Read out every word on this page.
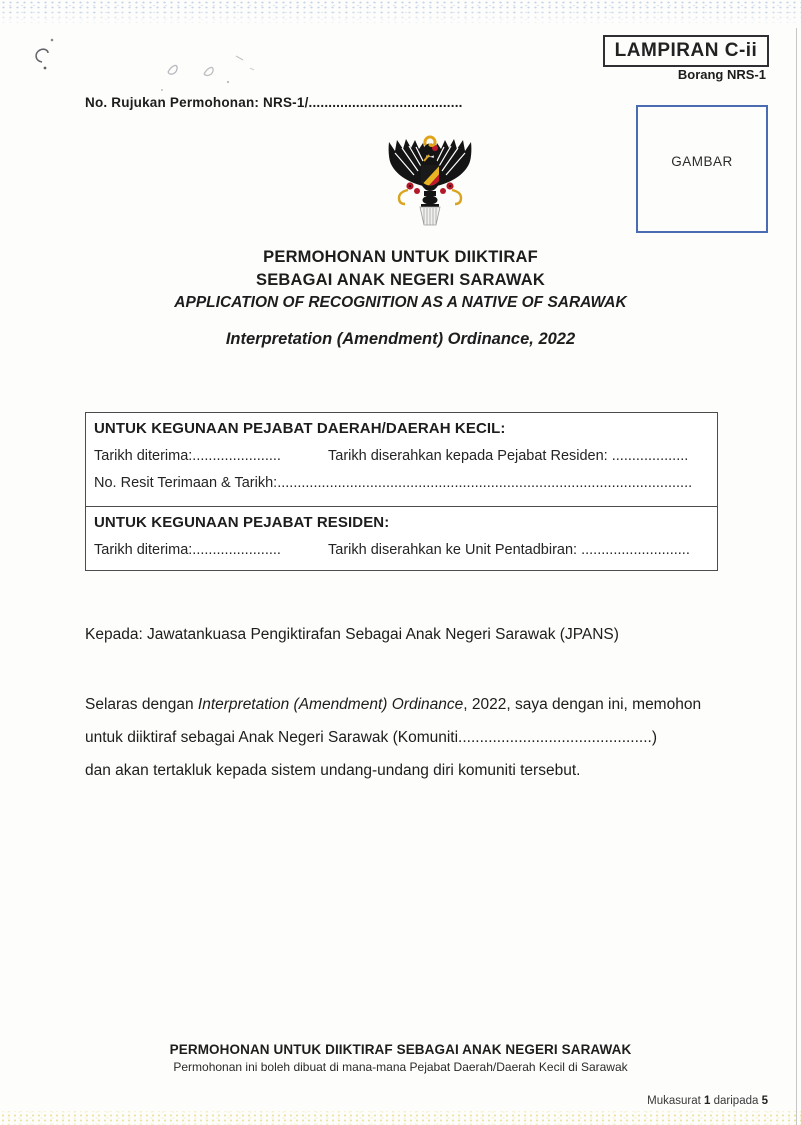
LAMPIRAN C-ii
Borang NRS-1
No. Rujukan Permohonan: NRS-1/.......................................
GAMBAR
PERMOHONAN UNTUK DIIKTIRAF
SEBAGAI ANAK NEGERI SARAWAK
APPLICATION OF RECOGNITION AS A NATIVE OF SARAWAK
Interpretation (Amendment) Ordinance, 2022
UNTUK KEGUNAAN PEJABAT DAERAH/DAERAH KECIL:
Tarikh diterima:......................	Tarikh diserahkan kepada Pejabat Residen: ...................
No. Resit Terimaan & Tarikh:.......................................................................................................
UNTUK KEGUNAAN PEJABAT RESIDEN:
Tarikh diterima:......................	Tarikh diserahkan ke Unit Pentadbiran: ...........................
Kepada: Jawatankuasa Pengiktirafan Sebagai Anak Negeri Sarawak (JPANS)
Selaras dengan Interpretation (Amendment) Ordinance, 2022, saya dengan ini, memohon
untuk diiktiraf sebagai Anak Negeri Sarawak (Komuniti.............................................)
dan akan tertakluk kepada sistem undang-undang diri komuniti tersebut.
PERMOHONAN UNTUK DIIKTIRAF SEBAGAI ANAK NEGERI SARAWAK
Permohonan ini boleh dibuat di mana-mana Pejabat Daerah/Daerah Kecil di Sarawak
Mukasurat 1 daripada 5
